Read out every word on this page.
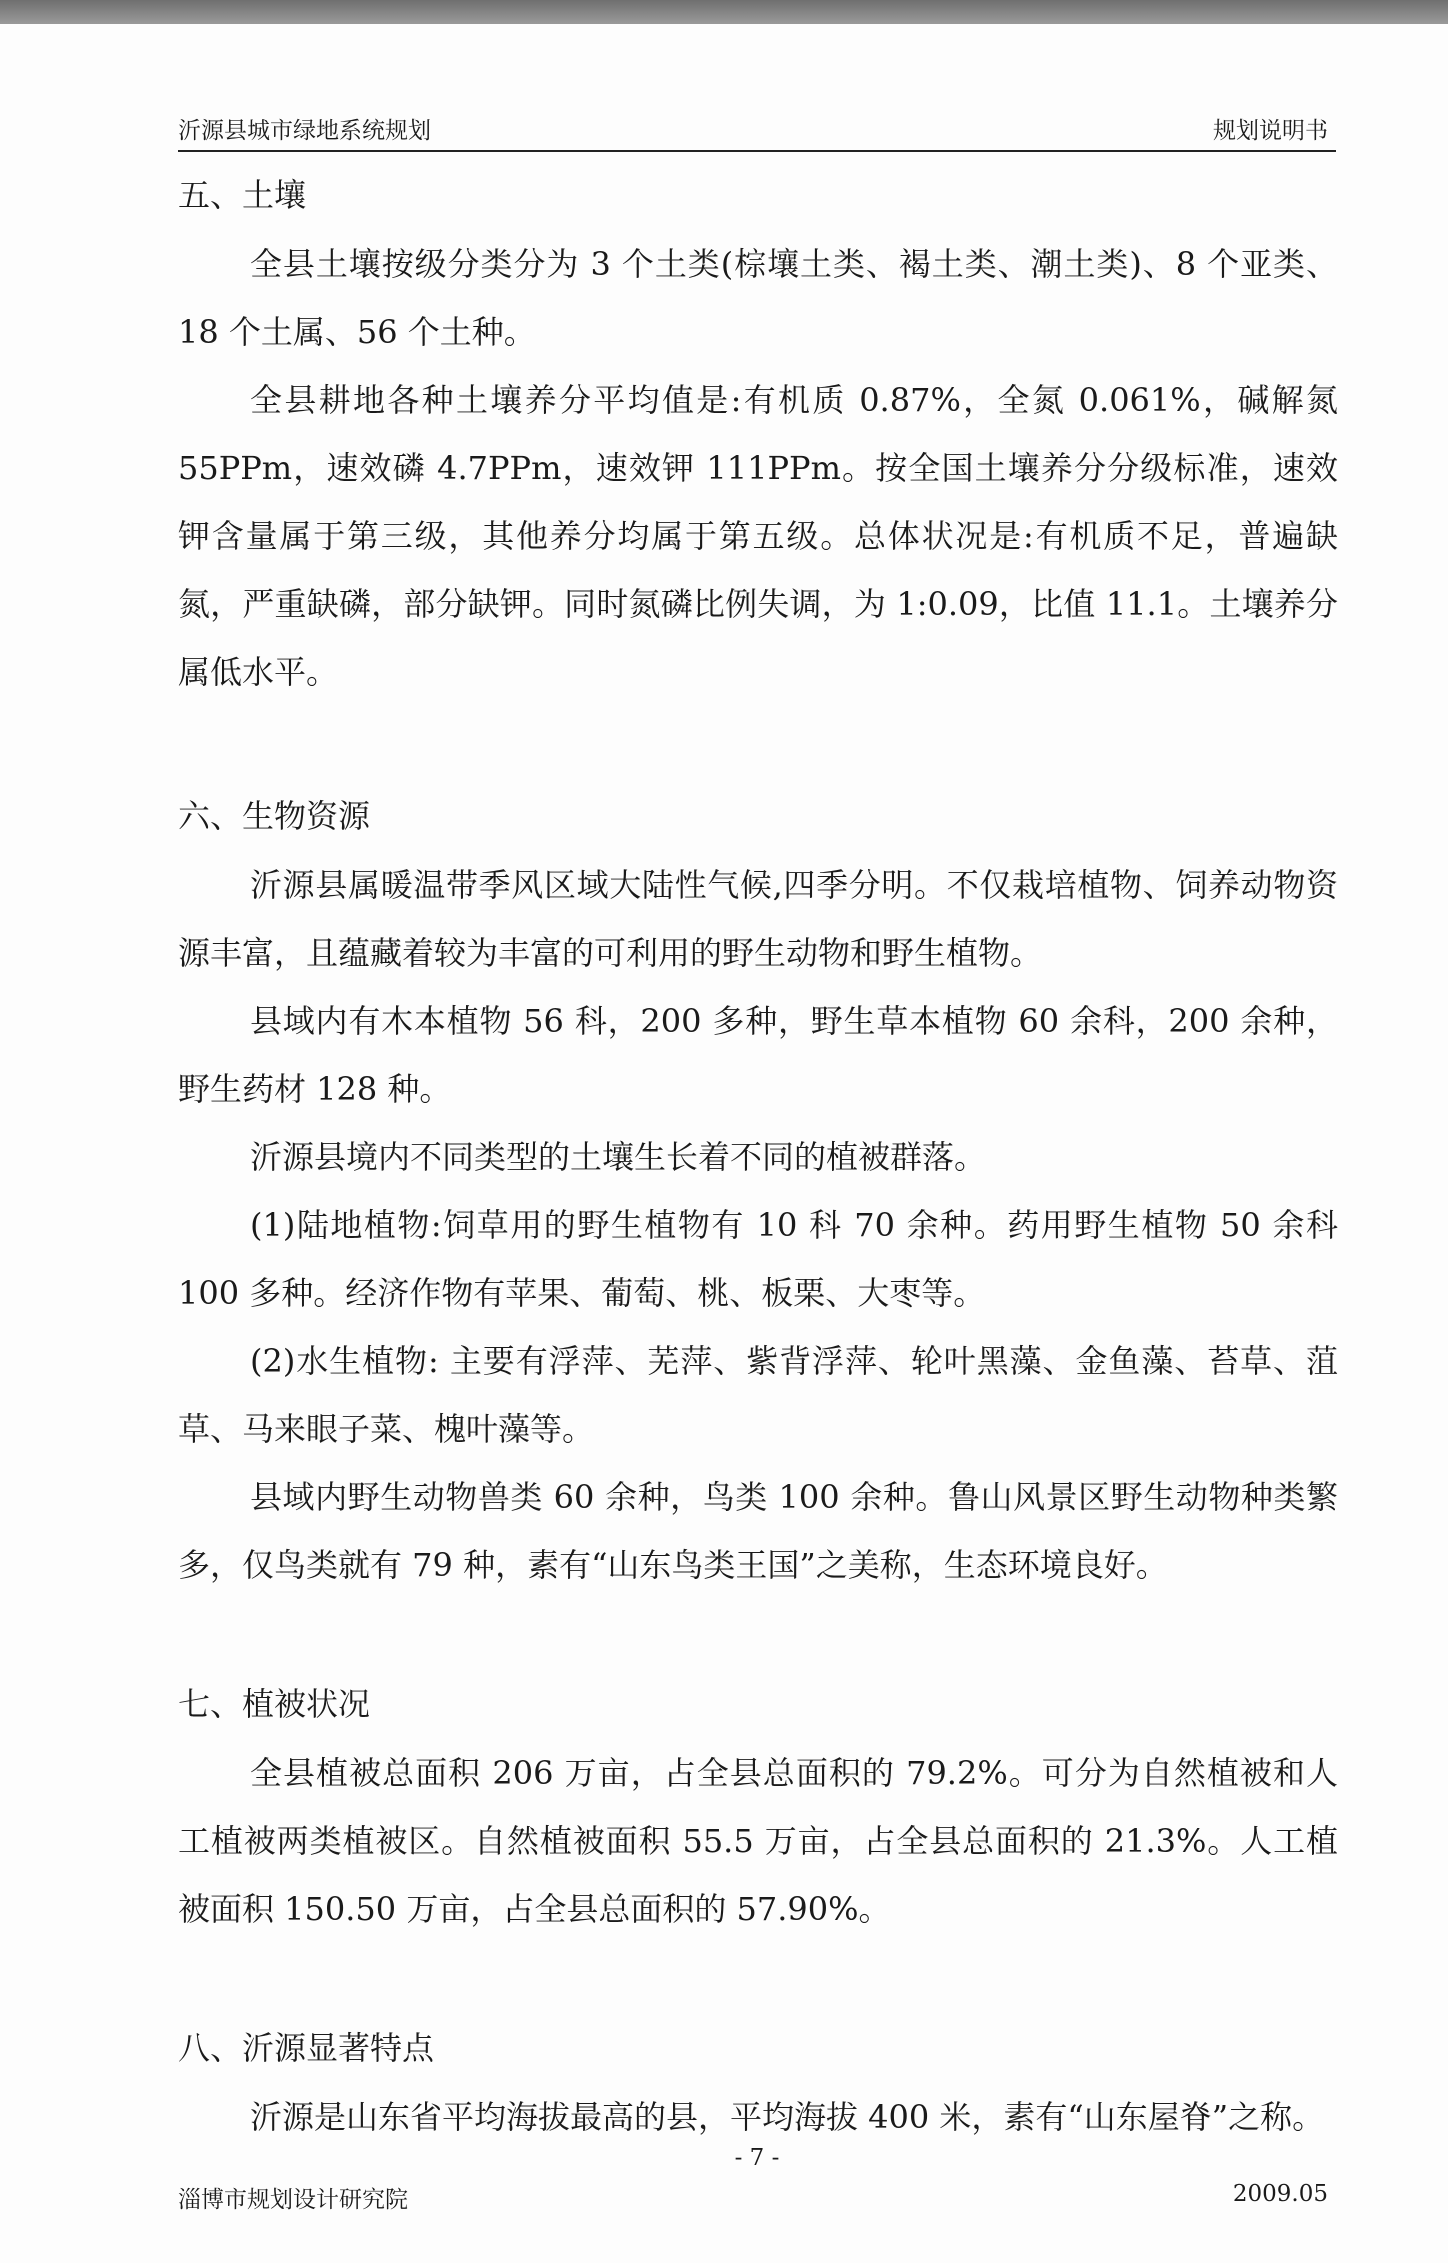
沂源县城市绿地系统规划	规划说明书
五、土壤

全县土壤按级分类分为 3 个土类(棕壤土类、褐土类、潮土类)、8 个亚类、18 个土属、56 个土种。

全县耕地各种土壤养分平均值是:有机质 0.87%，全氮 0.061%，碱解氮 55PPm，速效磷 4.7PPm，速效钾 111PPm。按全国土壤养分分级标准，速效钾含量属于第三级，其他养分均属于第五级。总体状况是:有机质不足，普遍缺氮，严重缺磷，部分缺钾。同时氮磷比例失调，为 1:0.09，比值 11.1。土壤养分属低水平。

六、生物资源

沂源县属暖温带季风区域大陆性气候,四季分明。不仅栽培植物、饲养动物资源丰富，且蕴藏着较为丰富的可利用的野生动物和野生植物。

县域内有木本植物 56 科，200 多种，野生草本植物 60 余科，200 余种，野生药材 128 种。

沂源县境内不同类型的土壤生长着不同的植被群落。

(1)陆地植物:饲草用的野生植物有 10 科 70 余种。药用野生植物 50 余科 100 多种。经济作物有苹果、葡萄、桃、板栗、大枣等。

(2)水生植物: 主要有浮萍、芜萍、紫背浮萍、轮叶黑藻、金鱼藻、苔草、菹草、马来眼子菜、槐叶藻等。

县域内野生动物兽类 60 余种，鸟类 100 余种。鲁山风景区野生动物种类繁多，仅鸟类就有 79 种，素有“山东鸟类王国”之美称，生态环境良好。

七、植被状况

全县植被总面积 206 万亩，占全县总面积的 79.2%。可分为自然植被和人工植被两类植被区。自然植被面积 55.5 万亩，占全县总面积的 21.3%。人工植被面积 150.50 万亩，占全县总面积的 57.90%。

八、沂源显著特点

沂源是山东省平均海拔最高的县，平均海拔 400 米，素有“山东屋脊”之称。

- 7 -
淄博市规划设计研究院	2009.05
